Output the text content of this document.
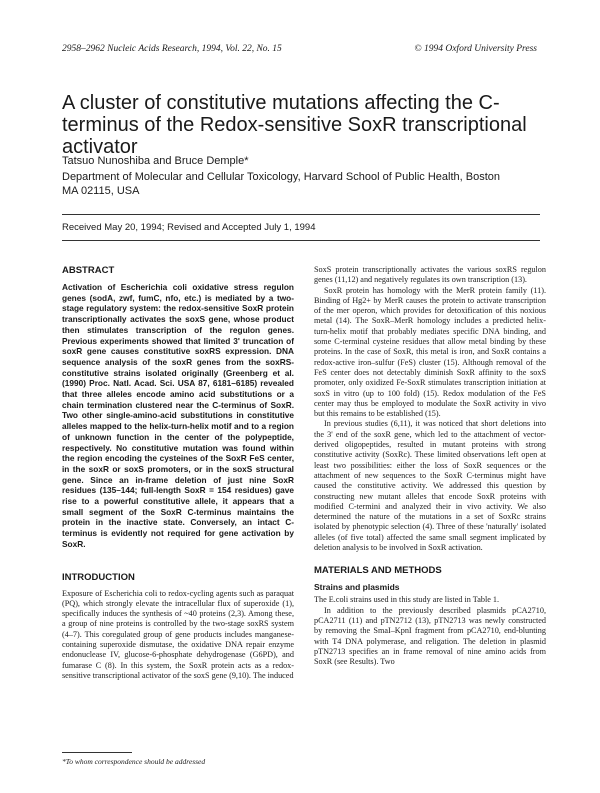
2958–2962 Nucleic Acids Research, 1994, Vol. 22, No. 15	© 1994 Oxford University Press
A cluster of constitutive mutations affecting the C-terminus of the Redox-sensitive SoxR transcriptional activator
Tatsuo Nunoshiba and Bruce Demple*
Department of Molecular and Cellular Toxicology, Harvard School of Public Health, Boston
MA 02115, USA
Received May 20, 1994; Revised and Accepted July 1, 1994
ABSTRACT

Activation of Escherichia coli oxidative stress regulon genes (sodA, zwf, fumC, nfo, etc.) is mediated by a two-stage regulatory system: the redox-sensitive SoxR protein transcriptionally activates the soxS gene, whose product then stimulates transcription of the regulon genes. Previous experiments showed that limited 3' truncation of soxR gene causes constitutive soxRS expression. DNA sequence analysis of the soxR genes from the soxRS-constitutive strains isolated originally (Greenberg et al. (1990) Proc. Natl. Acad. Sci. USA 87, 6181–6185) revealed that three alleles encode amino acid substitutions or a chain termination clustered near the C-terminus of SoxR. Two other single-amino-acid substitutions in constitutive alleles mapped to the helix-turn-helix motif and to a region of unknown function in the center of the polypeptide, respectively. No constitutive mutation was found within the region encoding the cysteines of the SoxR FeS center, in the soxR or soxS promoters, or in the soxS structural gene. Since an in-frame deletion of just nine SoxR residues (135–144; full-length SoxR = 154 residues) gave rise to a powerful constitutive allele, it appears that a small segment of the SoxR C-terminus maintains the protein in the inactive state. Conversely, an intact C-terminus is evidently not required for gene activation by SoxR.

INTRODUCTION

Exposure of Escherichia coli to redox-cycling agents such as paraquat (PQ), which strongly elevate the intracellular flux of superoxide (1), specifically induces the synthesis of ~40 proteins (2,3). Among these, a group of nine proteins is controlled by the two-stage soxRS system (4–7). This coregulated group of gene products includes manganese-containing superoxide dismutase, the oxidative DNA repair enzyme endonuclease IV, glucose-6-phosphate dehydrogenase (G6PD), and fumarase C (8). In this system, the SoxR protein acts as a redox-sensitive transcriptional activator of the soxS gene (9,10). The induced

SoxS protein transcriptionally activates the various soxRS regulon genes (11,12) and negatively regulates its own transcription (13).

SoxR protein has homology with the MerR protein family (11). Binding of Hg2+ by MerR causes the protein to activate transcription of the mer operon, which provides for detoxification of this noxious metal (14). The SoxR–MerR homology includes a predicted helix-turn-helix motif that probably mediates specific DNA binding, and some C-terminal cysteine residues that allow metal binding by these proteins. In the case of SoxR, this metal is iron, and SoxR contains a redox-active iron–sulfur (FeS) cluster (15). Although removal of the FeS center does not detectably diminish SoxR affinity to the soxS promoter, only oxidized Fe-SoxR stimulates transcription initiation at soxS in vitro (up to 100 fold) (15). Redox modulation of the FeS center may thus be employed to modulate the SoxR activity in vivo but this remains to be established (15).

In previous studies (6,11), it was noticed that short deletions into the 3' end of the soxR gene, which led to the attachment of vector-derived oligopeptides, resulted in mutant proteins with strong constitutive activity (SoxRc). These limited observations left open at least two possibilities: either the loss of SoxR sequences or the attachment of new sequences to the SoxR C-terminus might have caused the constitutive activity. We addressed this question by constructing new mutant alleles that encode SoxR proteins with modified C-termini and analyzed their in vivo activity. We also determined the nature of the mutations in a set of SoxRc strains isolated by phenotypic selection (4). Three of these 'naturally' isolated alleles (of five total) affected the same small segment implicated by deletion analysis to be involved in SoxR activation.

MATERIALS AND METHODS
Strains and plasmids

The E.coli strains used in this study are listed in Table 1.

In addition to the previously described plasmids pCA2710, pCA2711 (11) and pTN2712 (13), pTN2713 was newly constructed by removing the SmaI–KpnI fragment from pCA2710, end-blunting with T4 DNA polymerase, and religation. The deletion in plasmid pTN2713 specifies an in frame removal of nine amino acids from SoxR (see Results). Two

*To whom correspondence should be addressed
